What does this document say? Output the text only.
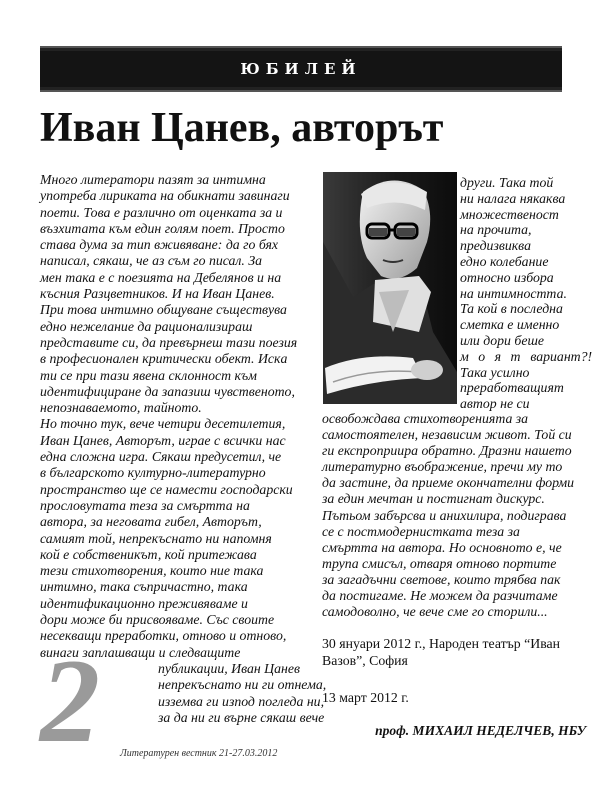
ЮБИЛЕЙ
Иван Цанев, авторът
Много литератори пазят за интимна
употреба лириката на обикнати завинаги
поети. Това е различно от оценката за и
възхитата към един голям поет. Просто
става дума за тип вживяване: да го бях
написал, сякаш, че аз съм го писал. За
мен така е с поезията на Дебелянов и на
късния Разцветников. И на Иван Цанев.
При това интимно общуване съществува
едно нежелание да рационализираш
представите си, да превърнеш тази поезия
в професионален критически обект. Искa
ти се при тази явена склонност към
идентифициране да запазиш чувственото,
непознаваемото, тайното.
Но точно тук, вече четири десетилетия,
Иван Цанев, Авторът, играе с всички нас
една сложна игра. Сякаш предусетил, че
в българското културно-литературно
пространство ще се намести господарски
прословутата теза за смъртта на
автора, за неговата гибел, Авторът,
самият той, непрекъснато ни напомня
кой е собственикът, кой притежава
тези стихотворения, които ние така
интимно, така съпричастно, така
идентификационно преживяваме и
дори може би присвояваме. Със своите
несекващи преработки, отново и отново,
винаги заплашващи и следващите
публикации, Иван Цанев
непрекъснато ни ги отнема,
изземва ги изпод погледа ни,
за да ни ги върне сякаш вече
2	Литературен вестник 21-27.03.2012
други. Така той
ни налага някаква
множественост
на прочита,
предизвиква
едно колебание
относно избора
на интимността.
Та кой в последна
сметка е именно
или дори беше
м о я т вариант?!
Така усилно
преработващият
автор не си
освобождава стихотворенията за
самостоятелен, независим живот. Той си
ги експроприира обратно. Дразни нашето
литературно въображение, пречи му то
да застине, да приеме окончателни форми
за един мечтан и постигнат дискурс.
Пътьом забърсва и анихилира, подиграва
се с постмодернистката теза за
смъртта на автора. Но основното е, че
трупа смисъл, отваря отново портите
за загадъчни светове, които трябва пак
да постигаме. Не можем да разчитаме
самодоволно, че вече сме го сторили...
30 януари 2012 г., Народен театър “Иван
Вазов”, София
13 март 2012 г.
проф. МИХАИЛ НЕДЕЛЧЕВ, НБУ
